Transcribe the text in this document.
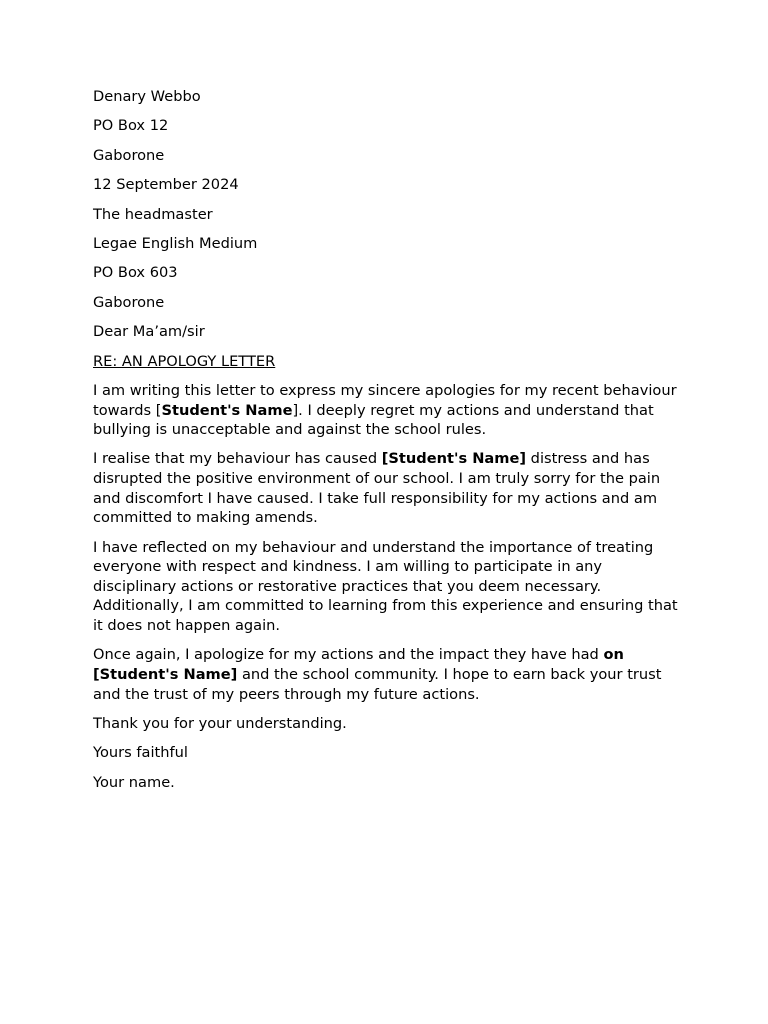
Denary Webbo
PO Box 12
Gaborone
12 September 2024
The headmaster
Legae English Medium
PO Box 603
Gaborone
Dear Ma’am/sir
RE: AN APOLOGY LETTER

I am writing this letter to express my sincere apologies for my recent behaviour towards [Student's Name]. I deeply regret my actions and understand that bullying is unacceptable and against the school rules.

I realise that my behaviour has caused [Student's Name] distress and has disrupted the positive environment of our school. I am truly sorry for the pain and discomfort I have caused. I take full responsibility for my actions and am committed to making amends.

I have reflected on my behaviour and understand the importance of treating everyone with respect and kindness. I am willing to participate in any disciplinary actions or restorative practices that you deem necessary. Additionally, I am committed to learning from this experience and ensuring that it does not happen again.

Once again, I apologize for my actions and the impact they have had on [Student's Name] and the school community. I hope to earn back your trust and the trust of my peers through my future actions.

Thank you for your understanding.
Yours faithful
Your name.
